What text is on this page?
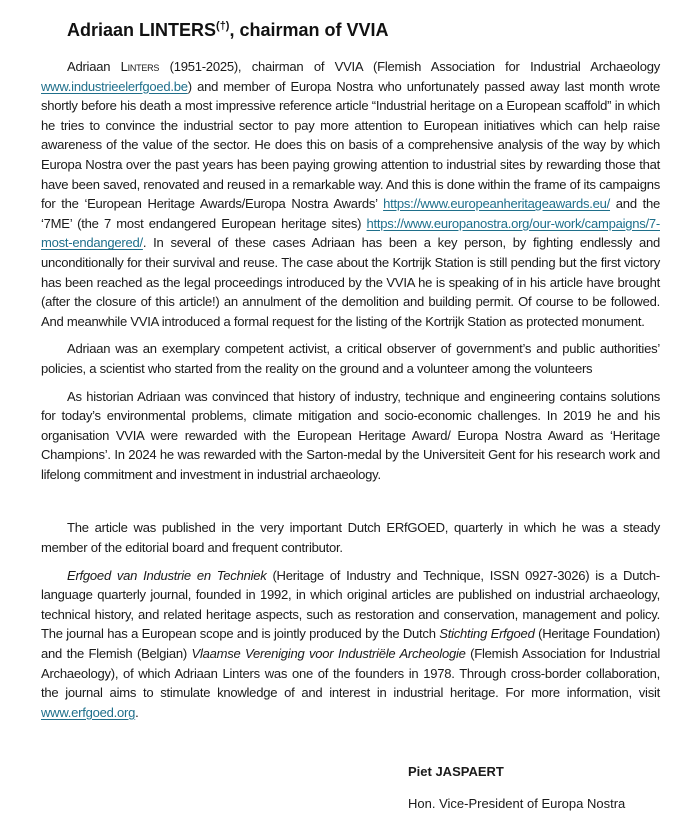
Adriaan LINTERS(†), chairman of VVIA

Adriaan Linters (1951-2025), chairman of VVIA (Flemish Association for Industrial Archaeology www.industrieelerfgoed.be) and member of Europa Nostra who unfortunately passed away last month wrote shortly before his death a most impressive reference article “Industrial heritage on a European scaffold” in which he tries to convince the industrial sector to pay more attention to European initiatives which can help raise awareness of the value of the sector. He does this on basis of a comprehensive analysis of the way by which Europa Nostra over the past years has been paying growing attention to industrial sites by rewarding those that have been saved, renovated and reused in a remarkable way. And this is done within the frame of its campaigns for the ‘European Heritage Awards/Europa Nostra Awards’ https://www.europeanheritageawards.eu/ and the ‘7ME’ (the 7 most endangered European heritage sites) https://www.europanostra.org/our-work/campaigns/7-most-endangered/. In several of these cases Adriaan has been a key person, by fighting endlessly and unconditionally for their survival and reuse. The case about the Kortrijk Station is still pending but the first victory has been reached as the legal proceedings introduced by the VVIA he is speaking of in his article have brought (after the closure of this article!) an annulment of the demolition and building permit. Of course to be followed. And meanwhile VVIA introduced a formal request for the listing of the Kortrijk Station as protected monument.

Adriaan was an exemplary competent activist, a critical observer of government’s and public authorities’ policies, a scientist who started from the reality on the ground and a volunteer among the volunteers

As historian Adriaan was convinced that history of industry, technique and engineering contains solutions for today’s environmental problems, climate mitigation and socio-economic challenges. In 2019 he and his organisation VVIA were rewarded with the European Heritage Award/ Europa Nostra Award as ‘Heritage Champions’. In 2024 he was rewarded with the Sarton-medal by the Universiteit Gent for his research work and lifelong commitment and investment in industrial archaeology.

The article was published in the very important Dutch ERfGOED, quarterly in which he was a steady member of the editorial board and frequent contributor.

Erfgoed van Industrie en Techniek (Heritage of Industry and Technique, ISSN 0927-3026) is a Dutch-language quarterly journal, founded in 1992, in which original articles are published on industrial archaeology, technical history, and related heritage aspects, such as restoration and conservation, management and policy. The journal has a European scope and is jointly produced by the Dutch Stichting Erfgoed (Heritage Foundation) and the Flemish (Belgian) Vlaamse Vereniging voor Industriële Archeologie (Flemish Association for Industrial Archaeology), of which Adriaan Linters was one of the founders in 1978. Through cross-border collaboration, the journal aims to stimulate knowledge of and interest in industrial heritage. For more information, visit www.erfgoed.org.

Piet JASPAERT
Hon. Vice-President of Europa Nostra
